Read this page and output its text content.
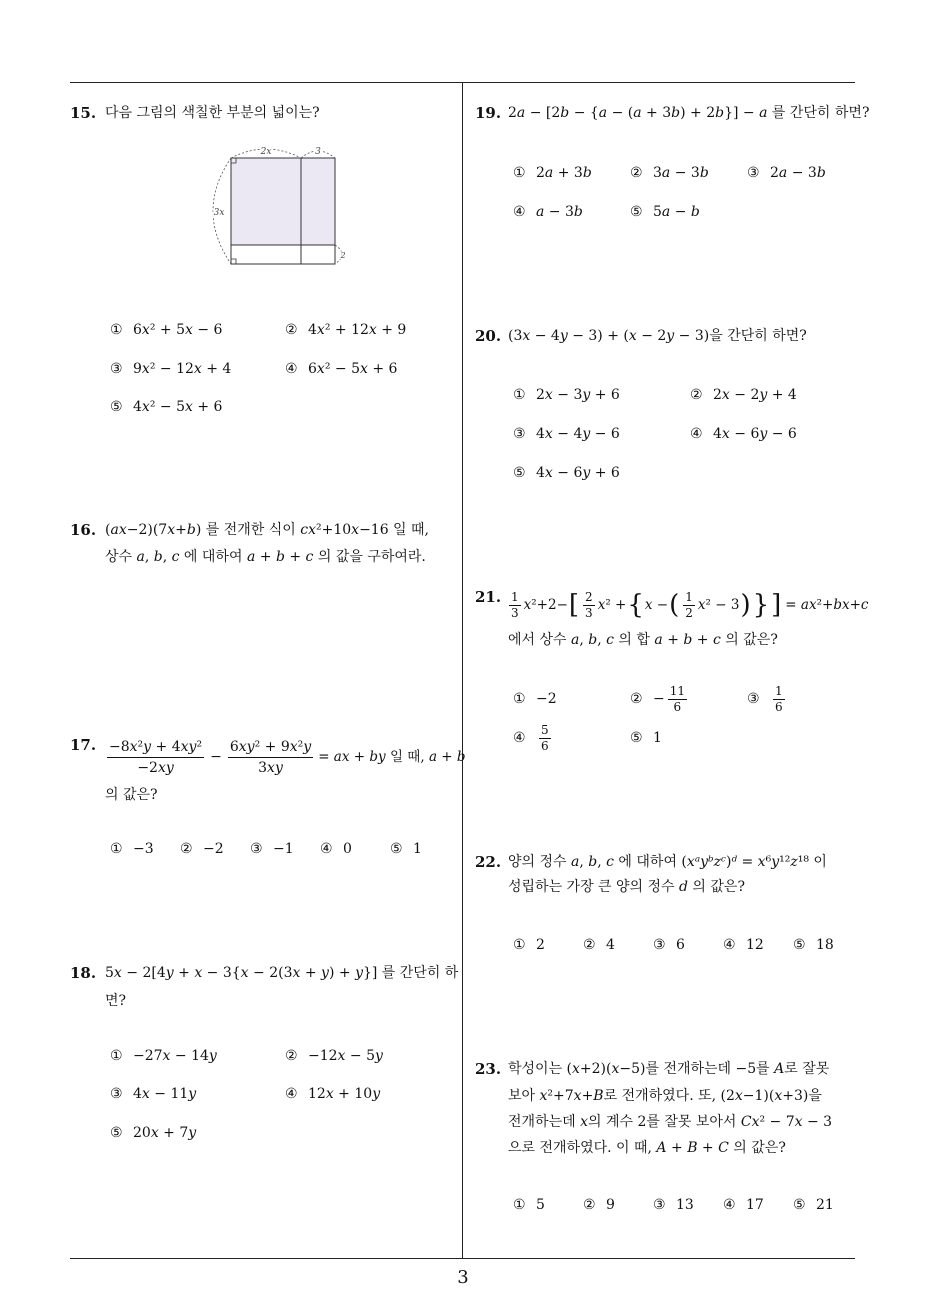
15. 다음 그림의 색칠한 부분의 넓이는?
2x	3
3x
2
① 6x² + 5x − 6	② 4x² + 12x + 9
③ 9x² − 12x + 4	④ 6x² − 5x + 6
⑤ 4x² − 5x + 6
16. (ax−2)(7x+b) 를 전개한 식이 cx²+10x−16 일 때,
상수 a, b, c 에 대하여 a + b + c 의 값을 구하여라.
17. $\frac{\text{−8x²y + 4xy²}}{-2xy} - \frac{\text{6xy² + 9x²y}}{3xy}$ = ax + by 일 때, a + b
의 값은?
① −3 ② −2 ③ −1 ④ 0	⑤ 1
18. 5x − 2[4y + x − 3{x − 2(3x + y) + y}] 를 간단히 하
면?
① −27x − 14y	② −12x − 5y
③ 4x − 11y	④ 12x + 10y
⑤ 20x + 7y
19. 2a − [2b − {a − (a + 3b) + 2b}] − a 를 간단히 하면?
① 2a + 3b	② 3a − 3b	③ 2a − 3b
④ a − 3b	⑤ 5a − b
20. (3x − 4y − 3) + (x − 2y − 3)을 간단히 하면?
① 2x − 3y + 6	② 2x − 2y + 4
③ 4x − 4y − 6	④ 4x − 6y − 6
⑤ 4x − 6y + 6
21. $\frac{1}{3} x^2+2-$ [ $\frac{2}{3} x^2$ + { x − ( $\frac{1}{2} x^2 - 3$ ) } ] = ax²+bx+c
에서 상수 a, b, c 의 합 a + b + c 의 값은?
① −2	② − $\frac{11}{6}$	③	$\frac{1}{6}$
④	$\frac{5}{6}$	⑤ 1
22. 양의 정수 a, b, c 에 대하여 (xᵃyᵇzᶜ)ᵈ = x⁶y¹²z¹⁸ 이
성립하는 가장 큰 양의 정수 d 의 값은?
① 2	② 4	③ 6	④ 12 ⑤ 18
23. 학성이는 (x+2)(x−5)를 전개하는데 −5를 A로 잘못
보아 x²+7x+B로 전개하였다. 또, (2x−1)(x+3)을
전개하는데 x의 계수 2를 잘못 보아서 Cx² − 7x − 3
으로 전개하였다. 이 때, A + B + C 의 값은?
① 5	② 9	③ 13 ④ 17 ⑤ 21
3
